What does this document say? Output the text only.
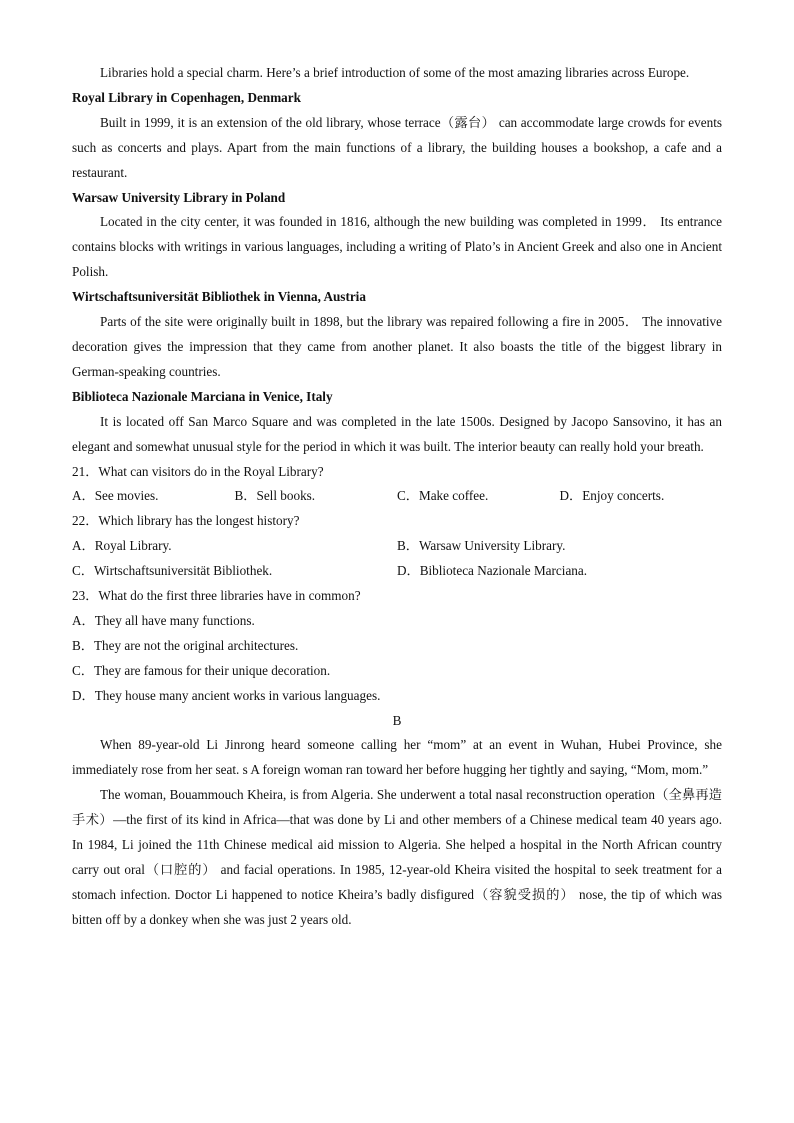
Libraries hold a special charm. Here’s a brief introduction of some of the most amazing libraries across Europe.

Royal Library in Copenhagen, Denmark

Built in 1999, it is an extension of the old library, whose terrace（露台） can accommodate large crowds for events such as concerts and plays. Apart from the main functions of a library, the building houses a bookshop, a cafe and a restaurant.

Warsaw University Library in Poland

Located in the city center, it was founded in 1816, although the new building was completed in 1999． Its entrance contains blocks with writings in various languages, including a writing of Plato’s in Ancient Greek and also one in Ancient Polish.

Wirtschaftsuniversität Bibliothek in Vienna, Austria

Parts of the site were originally built in 1898, but the library was repaired following a fire in 2005． The innovative decoration gives the impression that they came from another planet. It also boasts the title of the biggest library in German-speaking countries.

Biblioteca Nazionale Marciana in Venice, Italy

It is located off San Marco Square and was completed in the late 1500s. Designed by Jacopo Sansovino, it has an elegant and somewhat unusual style for the period in which it was built. The interior beauty can really hold your breath.

21．What can visitors do in the Royal Library?

A．See movies.	B．Sell books.	C．Make coffee.	D．Enjoy concerts.

22．Which library has the longest history?

A．Royal Library.	B．Warsaw University Library.
C．Wirtschaftsuniversität Bibliothek.	D．Biblioteca Nazionale Marciana.

23．What do the first three libraries have in common?

A．They all have many functions.

B．They are not the original architectures.

C．They are famous for their unique decoration.

D．They house many ancient works in various languages.

B

When 89-year-old Li Jinrong heard someone calling her “mom” at an event in Wuhan, Hubei Province, she immediately rose from her seat. s A foreign woman ran toward her before hugging her tightly and saying, “Mom, mom.”

The woman, Bouammouch Kheira, is from Algeria. She underwent a total nasal reconstruction operation（全鼻再造手术）—the first of its kind in Africa—that was done by Li and other members of a Chinese medical team 40 years ago. In 1984, Li joined the 11th Chinese medical aid mission to Algeria. She helped a hospital in the North African country carry out oral（口腔的） and facial operations. In 1985, 12-year-old Kheira visited the hospital to seek treatment for a stomach infection. Doctor Li happened to notice Kheira’s badly disfigured（容貌受损的） nose, the tip of which was bitten off by a donkey when she was just 2 years old.
